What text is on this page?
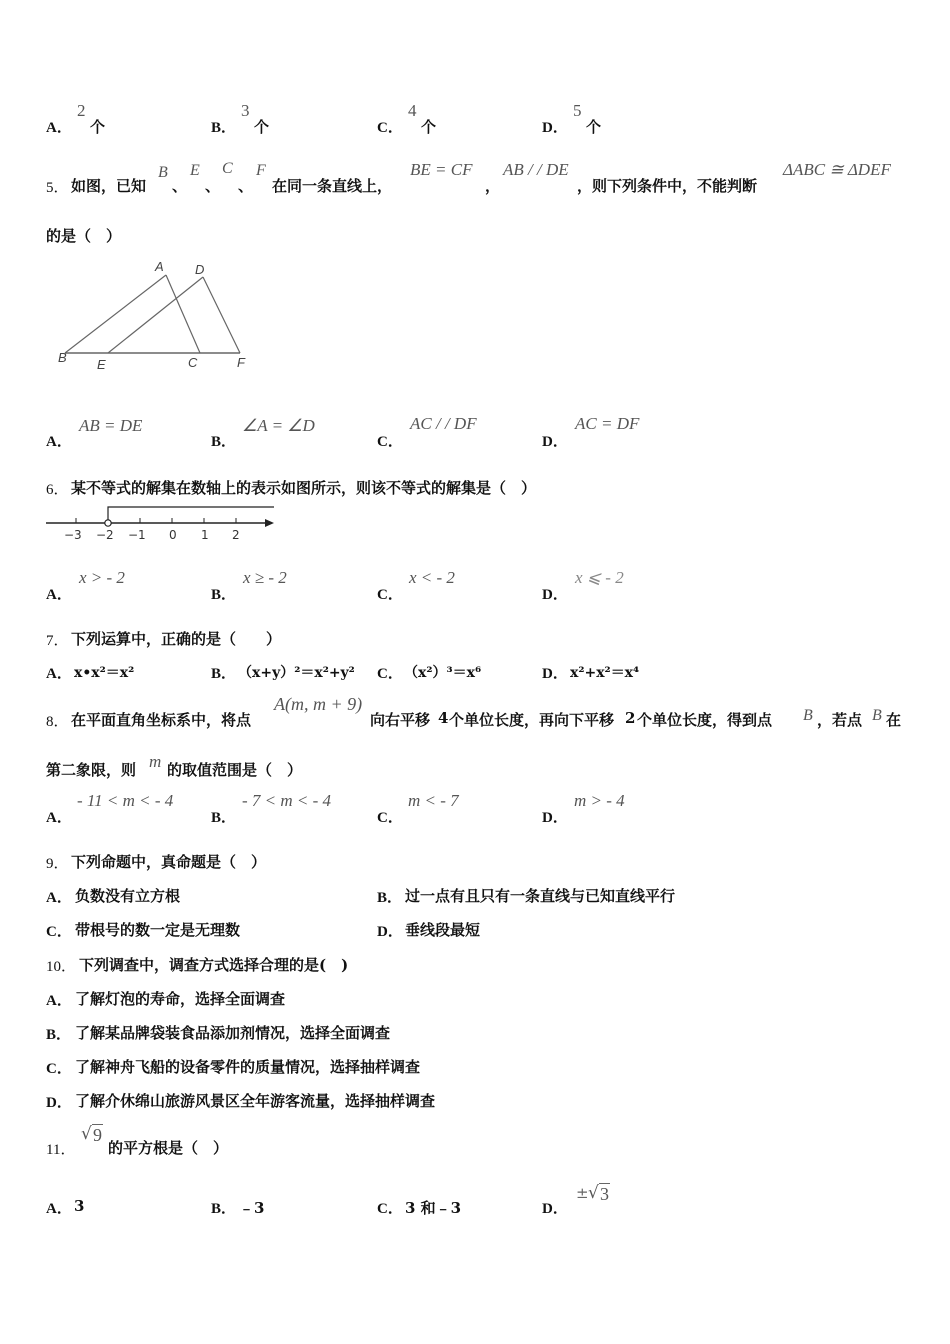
A．
2
个	B．
3
个	C．
4
个	D．
5
个
5． 如图，已知
B
、
E
、
C
、
F
在同一条直线上，
BE = CF
，
AB / / DE
，则下列条件中，不能判断
ΔABC ≅ ΔDEF
的是（　）
A D
B E	C	F
A．
AB = DE
B．
∠A = ∠D
C．
AC / / DF
D．
AC = DF
6． 某不等式的解集在数轴上的表示如图所示，则该不等式的解集是（　）
−3 −2 −1 0 1 2
A．
x > - 2
B．
x ≥ - 2
C．
x < - 2
D．
x ⩽ - 2
7． 下列运算中，正确的是（　　）
A． x•x²＝x²	B． （x+y）²＝x²+y² C． （x²）³＝x⁶	D． x²+x²＝x⁴
8． 在平面直角坐标系中，将点
A(m, m + 9)
向右平移 4 个单位长度，再向下平移 2 个单位长度，得到点 B ，若点 B 在
第二象限，则 m 的取值范围是（　）
A．
- 11 < m < - 4
B．
- 7 < m < - 4
C．
m < - 7
D．
m > - 4
9． 下列命题中，真命题是（　）
A． 负数没有立方根	B． 过一点有且只有一条直线与已知直线平行
C． 带根号的数一定是无理数	D． 垂线段最短
10． 下列调查中，调查方式选择合理的是(　)
A． 了解灯泡的寿命，选择全面调查
B． 了解某品牌袋装食品添加剂情况，选择全面调查
C． 了解神舟飞船的设备零件的质量情况，选择抽样调查
D． 了解介休绵山旅游风景区全年游客流量，选择抽样调查
11．
√ 9
的平方根是（　）
A． 3	B． ﹣3	C． 3 和﹣3	D．
± √ 3
